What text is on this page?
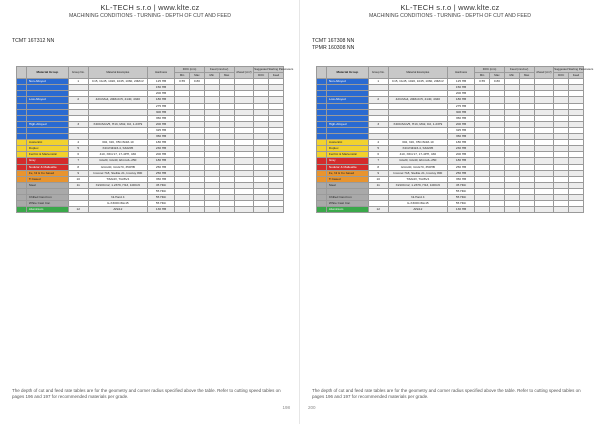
KL-TECH s.r.o | www.klte.cz
MACHINING CONDITIONS - TURNING - DEPTH OF CUT AND FEED
TCMT 16T312 NN
	Material Group	Group No.	Material Examples	Hardness	DOC (mm)		Feed (mm/rev)		Ahead (cm³)	Suggested Starting Parameters	
					Min	Max	Min	Max		DOC	Feed
	Non-Alloyed	1	C15, Ck45, 1020, 1045, 1060, 20MnV	125 HB	0.55	0.80					
				150 HB							
				200 HB							
	Low-Alloyed	2	42CrMo4, 20MnCr5, 4140, 4340	180 HB							
				275 HB							
				300 HB							
				350 HB							
	High-Alloyed	3	X40CrMoV5, H13, M42, D2, 1.2379	200 HB							
				325 HB							
				350 HB							
	Austenitic	4	304, 316, X5CrNi18-10	180 HB							
	Duplex	5	X2CrNiN23-4, S32205	230 HB							
	Ferritic & Martensitic	6	410, X6Cr17, 17-4PH, 430	200 HB							
	Gray	7	GG20, GG40, EN-GJL-250	180 HB							
	Nodular & Malleable	8	GGG40, GGG70, 350HB	250 HB							
	Fe, Ni & Co based	9	Inconel 718, Stellite 21, Incoloy 800	250 HB							
	Ti based	10	Ti6Al4V, TiAl6V4	350 HB							
	Steel	11	X210Cr12, 1.2379, H13, 100Cr6	45 HRc							
				55 HRc							
	Chilled Cast Iron		Ni-Hard 4	55 HRc							
	White Cast Iron		G-X300CrMo15	55 HRc							
	Aluminium	12	AlSi12	130 HB							
The depth of cut and feed rate tables are for the geometry and corner radius specified above the table. Refer to cutting speed tables on pages 196 and 197 for recommended materials per grade.
198
KL-TECH s.r.o | www.klte.cz
MACHINING CONDITIONS - TURNING - DEPTH OF CUT AND FEED
TCMT 16T308 NN
TPMR 160308 NN
	Material Group	Group No.	Material Examples	Hardness	DOC (mm)		Feed (mm/rev)		Ahead (cm³)	Suggested Starting Parameters	
					Min	Max	Min	Max		DOC	Feed
	Non-Alloyed	1	C15, Ck45, 1020, 1045, 1060, 20MnV	125 HB	0.55	0.80					
				150 HB							
				200 HB							
	Low-Alloyed	2	42CrMo4, 20MnCr5, 4140, 4340	180 HB							
				275 HB							
				300 HB							
				350 HB							
	High-Alloyed	3	X40CrMoV5, H13, M42, D2, 1.2379	200 HB							
				325 HB							
				350 HB							
	Austenitic	4	304, 316, X5CrNi18-10	180 HB							
	Duplex	5	X2CrNiN23-4, S32205	230 HB							
	Ferritic & Martensitic	6	410, X6Cr17, 17-4PH, 430	200 HB							
	Gray	7	GG20, GG40, EN-GJL-250	180 HB							
	Nodular & Malleable	8	GGG40, GGG70, 350HB	250 HB							
	Fe, Ni & Co based	9	Inconel 718, Stellite 21, Incoloy 800	250 HB							
	Ti based	10	Ti6Al4V, TiAl6V4	350 HB							
	Steel	11	X210Cr12, 1.2379, H13, 100Cr6	45 HRc							
				55 HRc							
	Chilled Cast Iron		Ni-Hard 4	55 HRc							
	White Cast Iron		G-X300CrMo15	55 HRc							
	Aluminium	12	AlSi12	130 HB							
The depth of cut and feed rate tables are for the geometry and corner radius specified above the table. Refer to cutting speed tables on pages 196 and 197 for recommended materials per grade.
200
